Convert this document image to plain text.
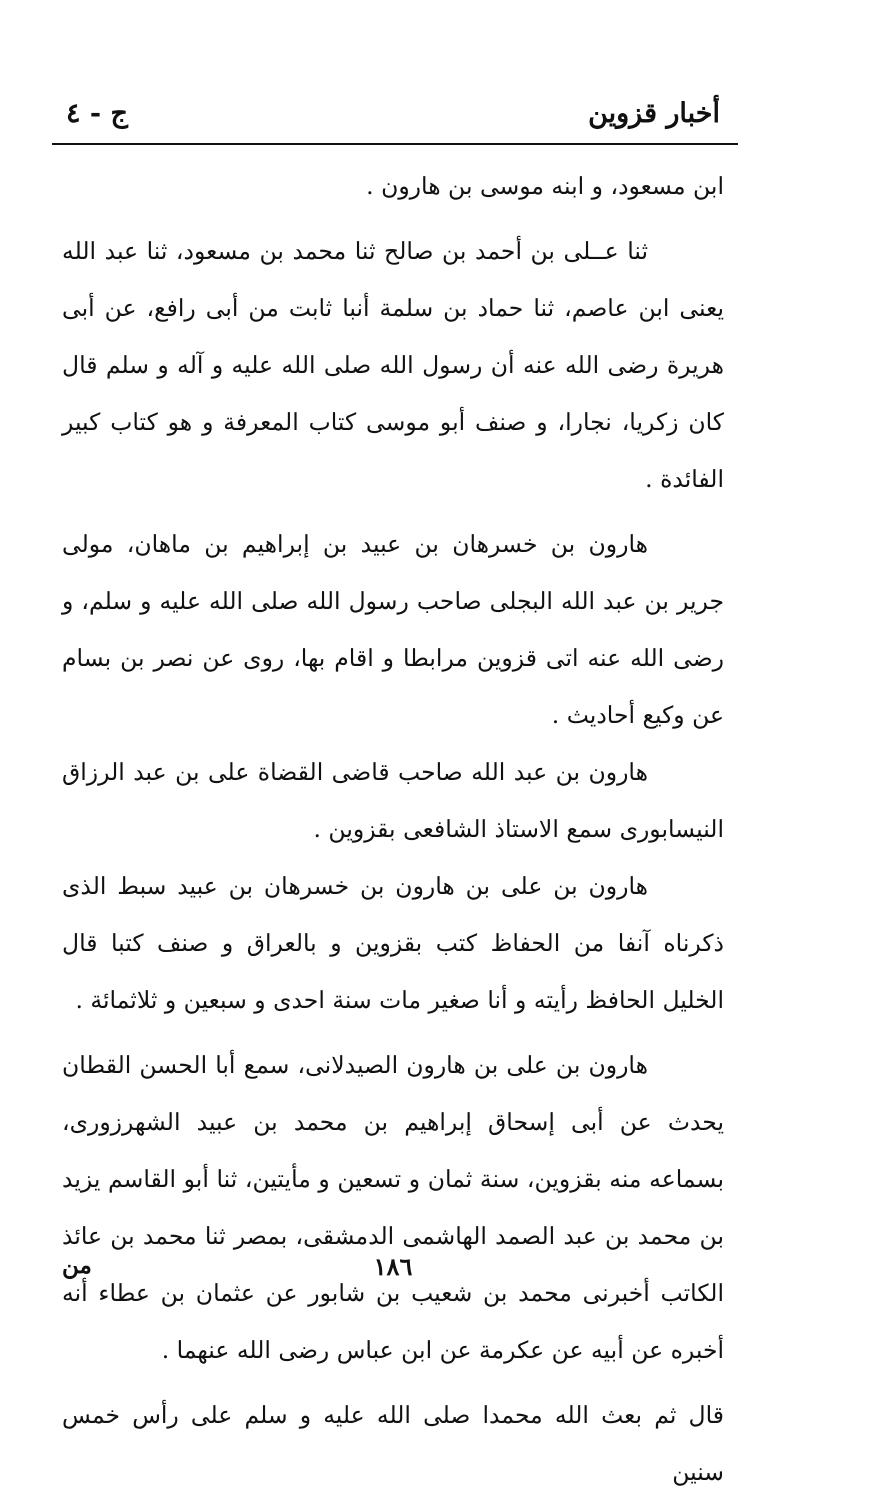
أخبار قزوين
ج - ٤

ابن مسعود، و ابنه موسى بن هارون .

ثنا عــلى بن أحمد بن صالح ثنا محمد بن مسعود، ثنا عبد الله يعنى ابن عاصم، ثنا حماد بن سلمة أنبا ثابت من أبى رافع، عن أبى هريرة رضى الله عنه أن رسول الله صلى الله عليه و آله و سلم قال كان زكريا، نجارا، و صنف أبو موسى كتاب المعرفة و هو كتاب كبير الفائدة .

هارون بن خسرهان بن عبيد بن إبراهيم بن ماهان، مولى جرير بن عبد الله البجلى صاحب رسول الله صلى الله عليه و سلم، و رضى الله عنه اتى قزوين مرابطا و اقام بها، روى عن نصر بن بسام عن وكيع أحاديث .

هارون بن عبد الله صاحب قاضى القضاة على بن عبد الرزاق النيسابورى سمع الاستاذ الشافعى بقزوين .

هارون بن على بن هارون بن خسرهان بن عبيد سبط الذى ذكرناه آنفا من الحفاظ كتب بقزوين و بالعراق و صنف كتبا قال الخليل الحافظ رأيته و أنا صغير مات سنة احدى و سبعين و ثلاثمائة .

هارون بن على بن هارون الصيدلانى، سمع أبا الحسن القطان يحدث عن أبى إسحاق إبراهيم بن محمد بن عبيد الشهرزورى، بسماعه منه بقزوين، سنة ثمان و تسعين و مأيتين، ثنا أبو القاسم يزيد بن محمد بن عبد الصمد الهاشمى الدمشقى، بمصر ثنا محمد بن عائذ الكاتب أخبرنى محمد بن شعيب بن شابور عن عثمان بن عطاء أنه أخبره عن أبيه عن عكرمة عن ابن عباس رضى الله عنهما .

قال ثم بعث الله محمدا صلى الله عليه و سلم على رأس خمس سنين

١٨٦
من
